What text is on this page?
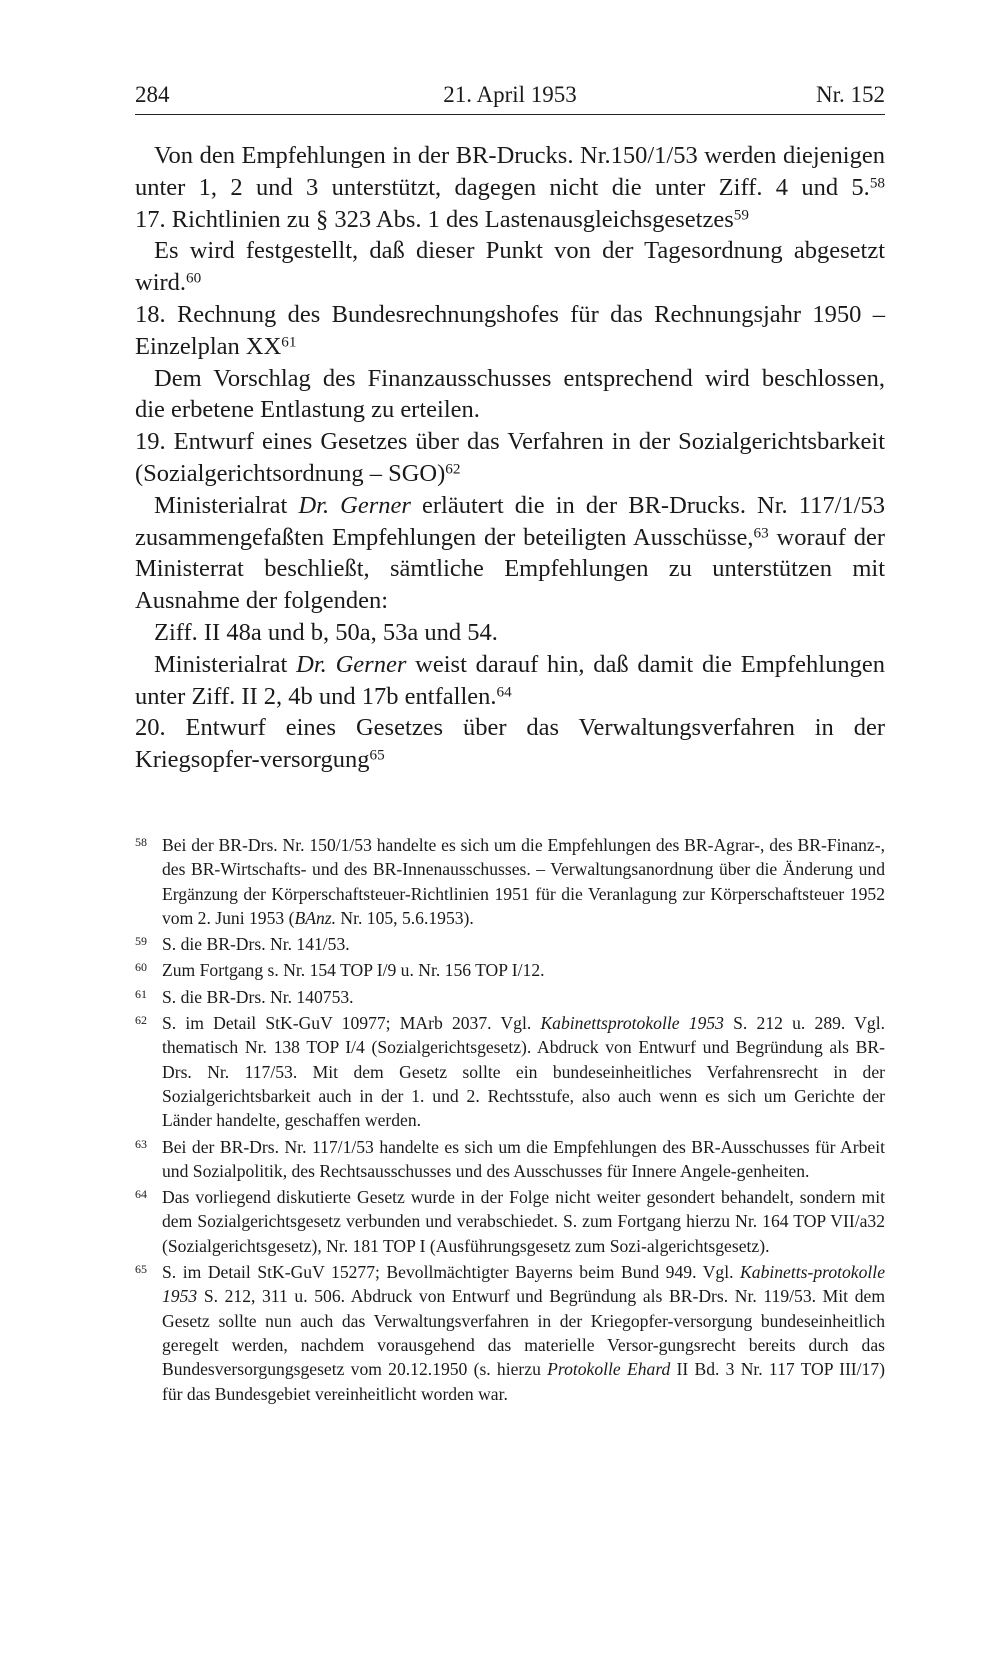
284	21. April 1953	Nr. 152

Von den Empfehlungen in der BR-Drucks. Nr.150/1/53 werden diejenigen unter 1, 2 und 3 unterstützt, dagegen nicht die unter Ziff. 4 und 5.58

17. Richtlinien zu § 323 Abs. 1 des Lastenausgleichsgesetzes$^{59}$

Es wird festgestellt, daß dieser Punkt von der Tagesordnung abgesetzt wird.$^{60}$

18. Rechnung des Bundesrechnungshofes für das Rechnungsjahr 1950 – Einzelplan XX$^{61}$

Dem Vorschlag des Finanzausschusses entsprechend wird beschlossen, die erbetene Entlastung zu erteilen.

19. Entwurf eines Gesetzes über das Verfahren in der Sozialgerichtsbarkeit (Sozialgerichtsordnung – SGO)$^{62}$

Ministerialrat Dr. Gerner erläutert die in der BR-Drucks. Nr. 117/1/53 zusammengefaßten Empfehlungen der beteiligten Ausschüsse,$^{63}$ worauf der Ministerrat beschließt, sämtliche Empfehlungen zu unterstützen mit Ausnahme der folgenden:

Ziff. II 48a und b, 50a, 53a und 54.

Ministerialrat Dr. Gerner weist darauf hin, daß damit die Empfehlungen unter Ziff. II 2, 4b und 17b entfallen.$^{64}$

20. Entwurf eines Gesetzes über das Verwaltungsverfahren in der Kriegsopfer-versorgung$^{65}$

58 Bei der BR-Drs. Nr. 150/1/53 handelte es sich um die Empfehlungen des BR-Agrar-, des BR-Finanz-, des BR-Wirtschafts- und des BR-Innenausschusses. – Verwaltungsanordnung über die Änderung und Ergänzung der Körperschaftsteuer-Richtlinien 1951 für die Veranlagung zur Körperschaftsteuer 1952 vom 2. Juni 1953 (BAnz. Nr. 105, 5.6.1953).
59 S. die BR-Drs. Nr. 141/53.
60 Zum Fortgang s. Nr. 154 TOP I/9 u. Nr. 156 TOP I/12.
61 S. die BR-Drs. Nr. 140753.
62 S. im Detail StK-GuV 10977; MArb 2037. Vgl. Kabinettsprotokolle 1953 S. 212 u. 289. Vgl. thematisch Nr. 138 TOP I/4 (Sozialgerichtsgesetz). Abdruck von Entwurf und Begründung als BR-Drs. Nr. 117/53. Mit dem Gesetz sollte ein bundeseinheitliches Verfahrensrecht in der Sozialgerichtsbarkeit auch in der 1. und 2. Rechtsstufe, also auch wenn es sich um Gerichte der Länder handelte, geschaffen werden.
63 Bei der BR-Drs. Nr. 117/1/53 handelte es sich um die Empfehlungen des BR-Ausschusses für Arbeit und Sozialpolitik, des Rechtsausschusses und des Ausschusses für Innere Angele-genheiten.
64 Das vorliegend diskutierte Gesetz wurde in der Folge nicht weiter gesondert behandelt, sondern mit dem Sozialgerichtsgesetz verbunden und verabschiedet. S. zum Fortgang hierzu Nr. 164 TOP VII/a32 (Sozialgerichtsgesetz), Nr. 181 TOP I (Ausführungsgesetz zum Sozi-algerichtsgesetz).
65 S. im Detail StK-GuV 15277; Bevollmächtigter Bayerns beim Bund 949. Vgl. Kabinetts-protokolle 1953 S. 212, 311 u. 506. Abdruck von Entwurf und Begründung als BR-Drs. Nr. 119/53. Mit dem Gesetz sollte nun auch das Verwaltungsverfahren in der Kriegopfer-versorgung bundeseinheitlich geregelt werden, nachdem vorausgehend das materielle Versor-gungsrecht bereits durch das Bundesversorgungsgesetz vom 20.12.1950 (s. hierzu Protokolle Ehard II Bd. 3 Nr. 117 TOP III/17) für das Bundesgebiet vereinheitlicht worden war.
